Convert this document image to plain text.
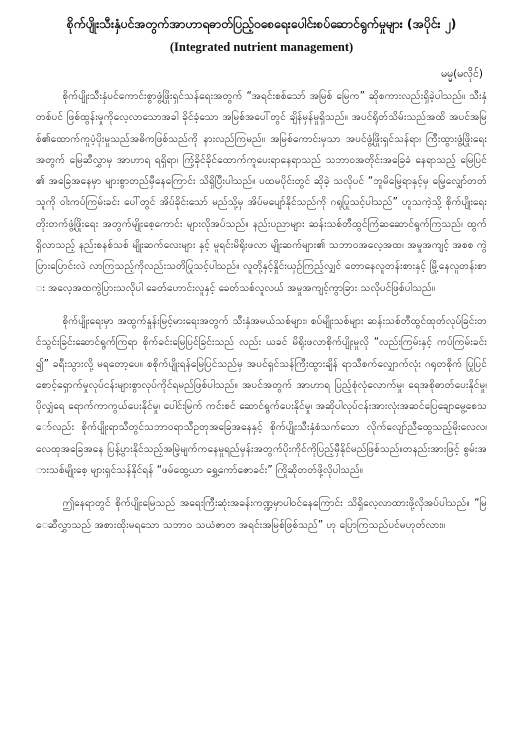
စိုက်ပျိုးသီးနှံပင်အတွက်အာဟာရဓာတ်ပြည့်ဝစေရေးပေါင်းစပ်ဆောင်ရွက်မှုများ (အပိုင်း ၂)
(Integrated nutrient management)
မမ္မ(မလိုင်)

စိုက်ပျိုးသီးနှံပင်ကောင်းစွာဖွံ့ဖြိုးရှင်သန်ရေးအတွက် “အရင်းစစ်သော် အမြစ် မြေက” ဆိုစကားလည်းရှိခဲ့ပါသည်။ သီးနှံတစ်ပင် ဖြစ်ထွန်းမှုကိုလေ့လာသောအခါ ခိုင်ခံ့သော အမြစ်အပေါ်တွင် ချိန်မှန်မှုရှိသည်။ အပင်ရိုတ်သိမ်းသည်အထိ အပင်အမြစ်၏ထောက်ကူပံ့ပိုးမှုသည်အဓိကဖြစ်သည်ကို နားလည်ကြမည်။ အမြစ်ကောင်းမှသာ အပင်ဖွံ့ဖြိုးရှင်သန်ရာ၊ ကြီးထွားဖွံ့ဖြိုးရေးအတွက် မြေဆီလွှာမှ အာဟာရ ရရှိရာ၊ ကြံ့ခိုင်ခိုင်ထောက်ကူပေးရာနေရာသည် သဘာဝအတိုင်းအခြေခံ နေရာသည့် မြေပြင်၏ အခြေအနေမှာ များစွာတည်မှီနေကြောင်း သိရှိပြီးပါသည်။ ပထမပိုင်းတွင် ဆိုခဲ့ သလိုပင် “ဘူမိမြေ့ရာနှင့်မှ မြေ့လျှော်တတ်သူကို ဝါးကပ်ကြမ်းခင်း ပေါ်တွင် အိပ်ခိုင်းသော် မည်သို့မှ အိပ်မပျော်နိုင်သည်ကို ဂရုပြုသင့်ပါသည်” ဟူသကဲ့သို့ စိုက်ပျိုးရေး တိုးတက်ဖွံ့ဖြိုးရေး အတွက်မျိုးစေ့ကောင်း များလိုအပ်သည်။ နည်းပညာများ ဆန်းသစ်တီထွင်ကြံဆဆောင်ရွက်ကြသည်၊ ထွက်ရှိလာသည့် နည်းစနစ်သစ် မျိုးဆက်လေးများ နှင့် မူရင်းမိရိုးဖလာ မျိုးဆက်များ၏ သဘာဝအလေ့အထ၊ အမှုအကျင့် အစစ ကွဲပြားပြောင်းလဲ လာကြသည့်ကိုလည်းသတိပြုသင့်ပါသည်။ လူတို့နှင့်နှိုင်းယှဉ်ကြည့်လျှင် တောနေလူတန်းစားနှင့် မြို့နေလူတန်းစား အလေ့အထကွဲပြားသလိုပါ ခေတ်ဟောင်းလူနှင့် ခေတ်သစ်လူလယ် အမှုအကျင့်ကွာခြား သလိုပင်ဖြစ်ပါသည်။

စိုက်ပျိုးရေးမှာ အထွက်နှုန်းမြင့်မားရေးအတွက် သီးနှံအမယ်သစ်များ၊ စပ်မျိုးသစ်များ ဆန်းသစ်တီထွင်ထုတ်လုပ်ခြင်းတင်သွင်းခြင်းဆောင်ရွက်ကြရာ စိုက်ခင်းမြေပြင်ခြင်းသည် လည်း ယခင် မိရိုးဖလာစိုက်ပျိုးမှုလို “လည်းကြမ်းနှင့် ကပ်ကြမ်းခင်း၍” ခရီးသွားလို့ မရတော့ပေ။ စစိုက်ပျိုးရန်မြေပြင်သည်မှ အပင်ရှင်သန်ကြီးထွားချိန် ရာသီစက်လျှောက်လုံး ဂရုတစိုက် ပြုပြင်စောင့်ရှောက်မှုလုပ်ငန်းများစွာလုပ်ကိုင်ရမည်ဖြစ်ပါသည်။ အပင်အတွက် အာဟာရ ပြည့်စုံလုံလောက်မှု၊ ရေအစိုဓာတ်ပေးနိုင်မှု၊ပိုလျှံရေ ရောက်ကာကွယ်ပေးနိုင်မှု၊ ပေါင်းမြက် ကင်းစင် ဆောင်ရွက်ပေးနိုင်မှု၊ အဆိုပါလုပ်ငန်းအားလုံးအဆင်ပြေချောမွေ့စေသော်လည်း စိုက်ပျိုးရာသီတွင်သဘာဝရာသီဥတုအခြေအနေနှင့် စိုက်ပျိုးသီးနှံစံသက်သော လိုက်လျော်ညီထွေသည့်မိုးလေလ၊ လေထုအခြေအနေ ပြန့်ပွားနိုင်သည့်အမြဲ့မျက်ကနေမှုရည်မှန်းအတွက်ပိုးကိုင်ကိုပြည့်မှီနိုင်မည်ဖြစ်သည်။တနည်းအားဖြင့် စွမ်းအားသစ်မျိုးစေ့ များရှင်သန်နိုင်ရန် “ဖမ်ထွေ့ယာ ရွှေ့ကော်ဇောခင်း” ကြိုဆိုတတ်ဖို့လိုပါသည်။

ဤနေရာတွင် စိုက်ပျိုးမြေသည် အရေးကြီးဆုံးအခန်းကဏ္ဍမှာပါဝင်နေကြောင်း သိရှိလေ့လာထားဖို့လိုအပ်ပါသည်။ “မြေဆီလွှာသည် အစားထိုးမရသော သဘာဝ သယံဇာတ အရင်းအမြစ်ဖြစ်သည်” ဟု ပြောကြသည်ပင်မဟုတ်လား။
